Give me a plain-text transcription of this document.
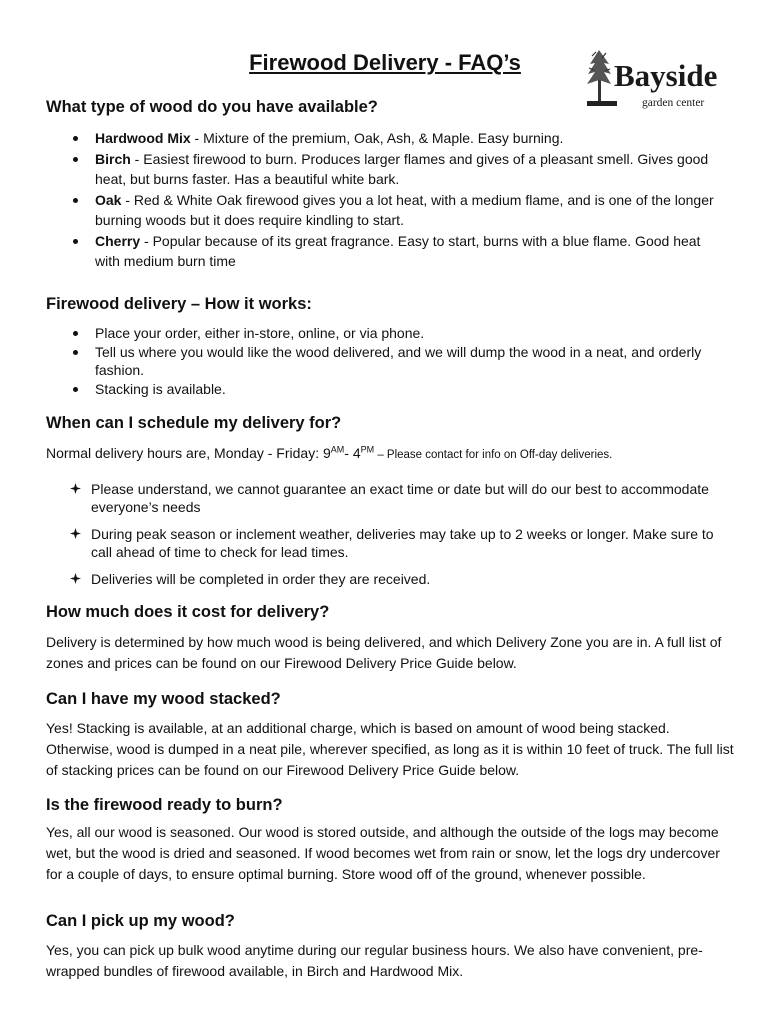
Firewood Delivery - FAQ’s	Bayside
garden center
What type of wood do you have available?
Hardwood Mix - Mixture of the premium, Oak, Ash, & Maple. Easy burning.
Birch - Easiest firewood to burn. Produces larger flames and gives of a pleasant smell. Gives good heat, but burns faster. Has a beautiful white bark.
Oak - Red & White Oak firewood gives you a lot heat, with a medium flame, and is one of the longer burning woods but it does require kindling to start.
Cherry - Popular because of its great fragrance. Easy to start, burns with a blue flame. Good heat with medium burn time
Firewood delivery – How it works:
Place your order, either in-store, online, or via phone.
Tell us where you would like the wood delivered, and we will dump the wood in a neat, and orderly fashion.
Stacking is available.
When can I schedule my delivery for?

Normal delivery hours are, Monday - Friday: $9^{AM}-$ $4^{PM}$ – Please contact for info on Off-day deliveries.

Please understand, we cannot guarantee an exact time or date but will do our best to accommodate everyone’s needs
During peak season or inclement weather, deliveries may take up to 2 weeks or longer. Make sure to call ahead of time to check for lead times.
Deliveries will be completed in order they are received.
How much does it cost for delivery?

Delivery is determined by how much wood is being delivered, and which Delivery Zone you are in. A full list of zones and prices can be found on our Firewood Delivery Price Guide below.

Can I have my wood stacked?

Yes! Stacking is available, at an additional charge, which is based on amount of wood being stacked. Otherwise, wood is dumped in a neat pile, wherever specified, as long as it is within 10 feet of truck. The full list of stacking prices can be found on our Firewood Delivery Price Guide below.

Is the firewood ready to burn?

Yes, all our wood is seasoned. Our wood is stored outside, and although the outside of the logs may become wet, but the wood is dried and seasoned. If wood becomes wet from rain or snow, let the logs dry undercover for a couple of days, to ensure optimal burning. Store wood off of the ground, whenever possible.

Can I pick up my wood?

Yes, you can pick up bulk wood anytime during our regular business hours. We also have convenient, pre-wrapped bundles of firewood available, in Birch and Hardwood Mix.
